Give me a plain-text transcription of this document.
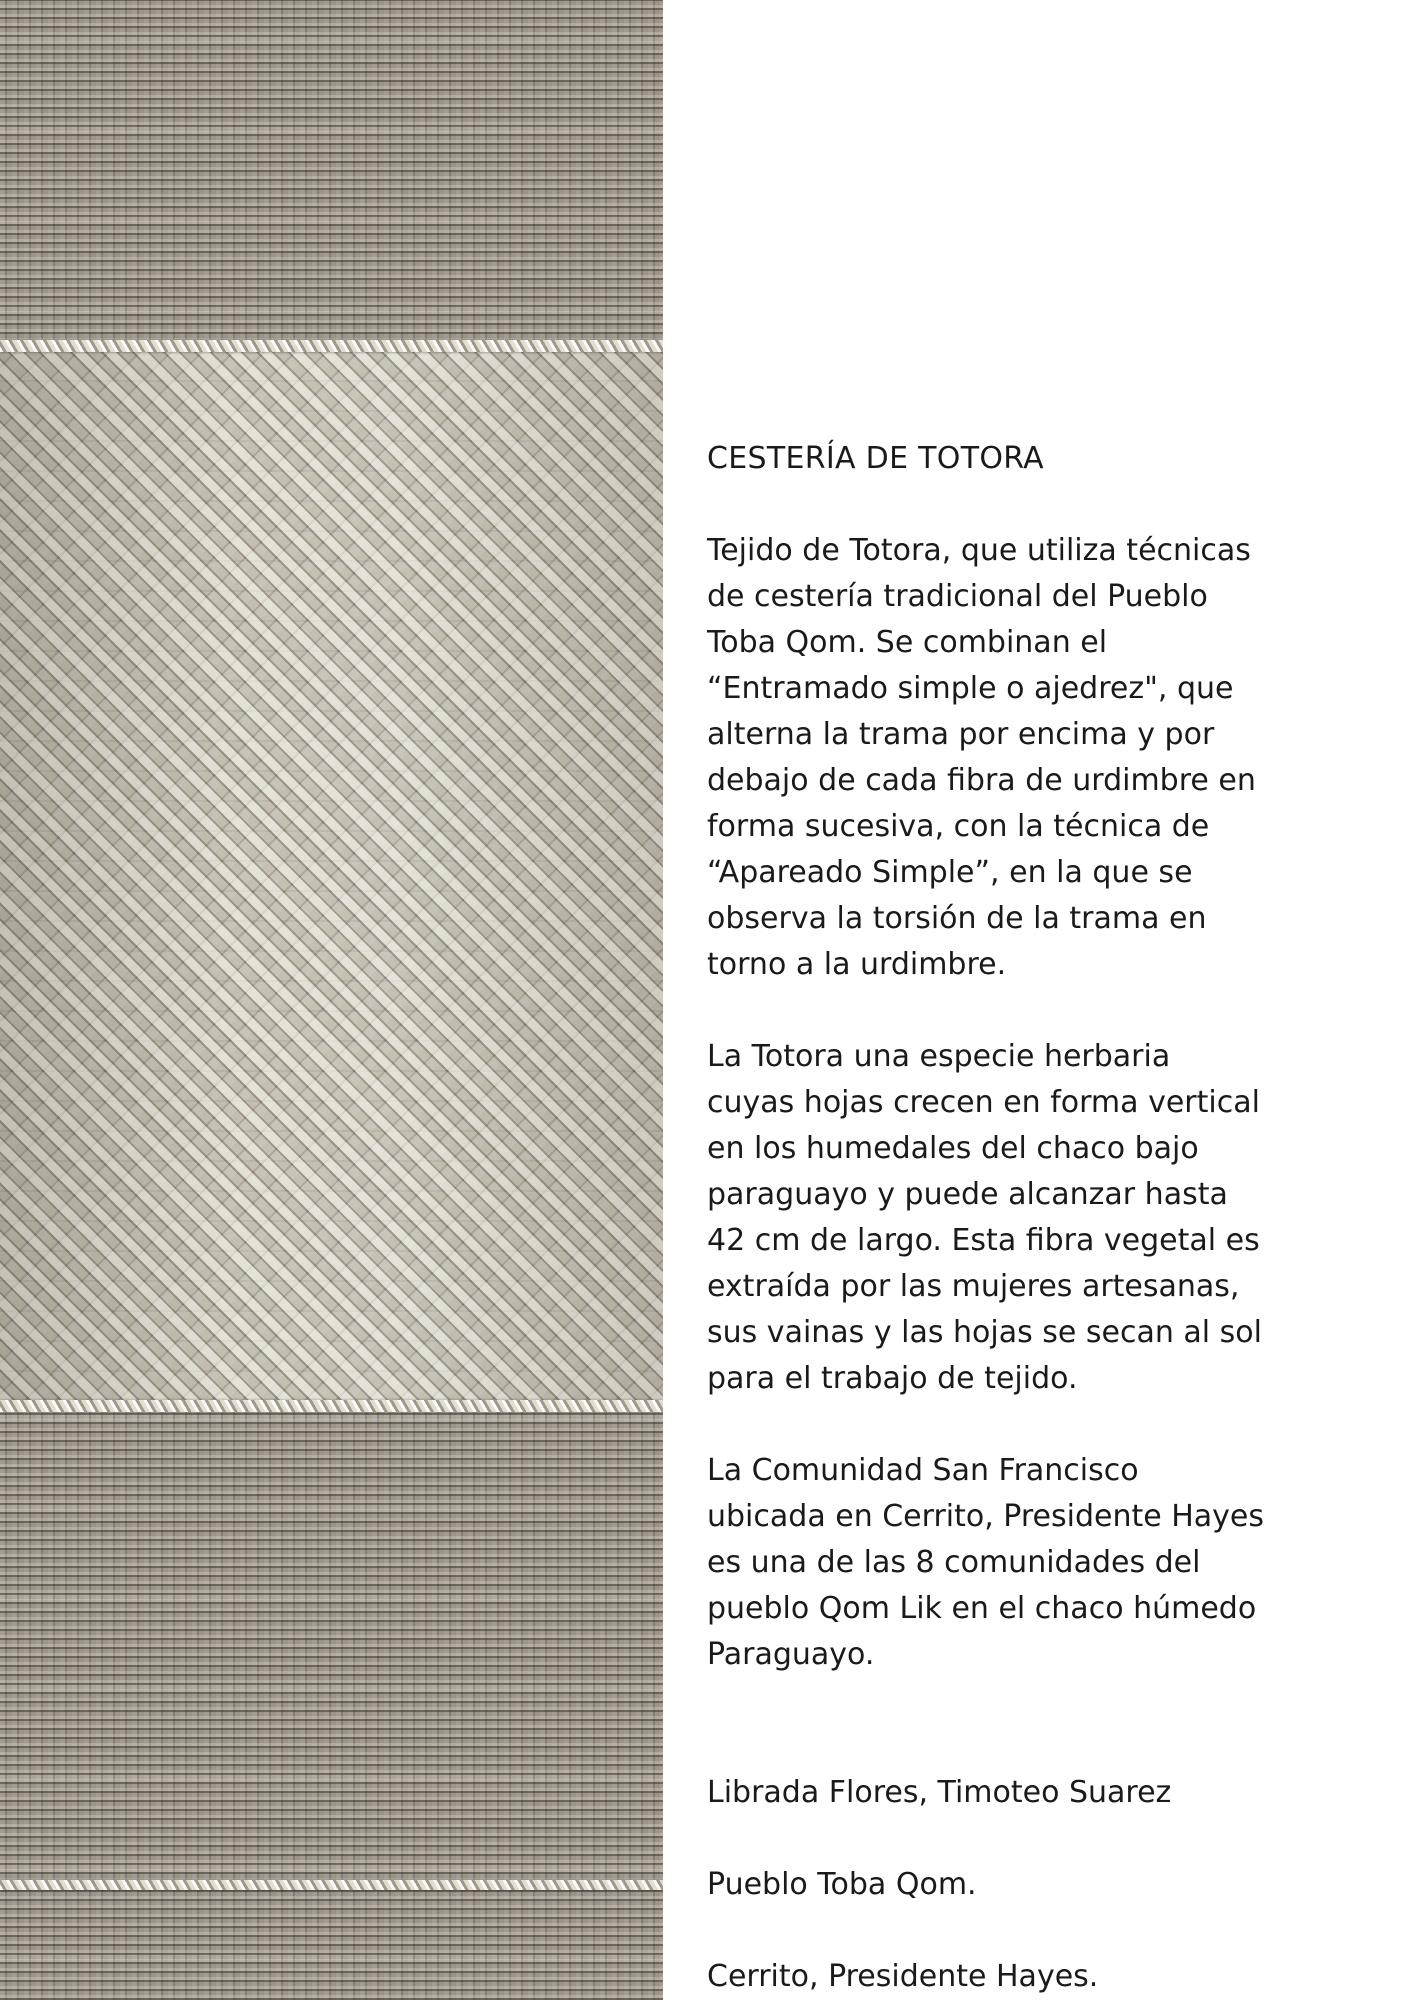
CESTERÍA DE TOTORA

Tejido de Totora, que utiliza técnicas
de cestería tradicional del Pueblo
Toba Qom. Se combinan el
“Entramado simple o ajedrez", que
alterna la trama por encima y por
debajo de cada fibra de urdimbre en
forma sucesiva, con la técnica de
“Apareado Simple”, en la que se
observa la torsión de la trama en
torno a la urdimbre.

La Totora una especie herbaria
cuyas hojas crecen en forma vertical
en los humedales del chaco bajo
paraguayo y puede alcanzar hasta
42 cm de largo. Esta fibra vegetal es
extraída por las mujeres artesanas,
sus vainas y las hojas se secan al sol
para el trabajo de tejido.

La Comunidad San Francisco
ubicada en Cerrito, Presidente Hayes
es una de las 8 comunidades del
pueblo Qom Lik en el chaco húmedo
Paraguayo.

Librada Flores, Timoteo Suarez

Pueblo Toba Qom.

Cerrito, Presidente Hayes.
